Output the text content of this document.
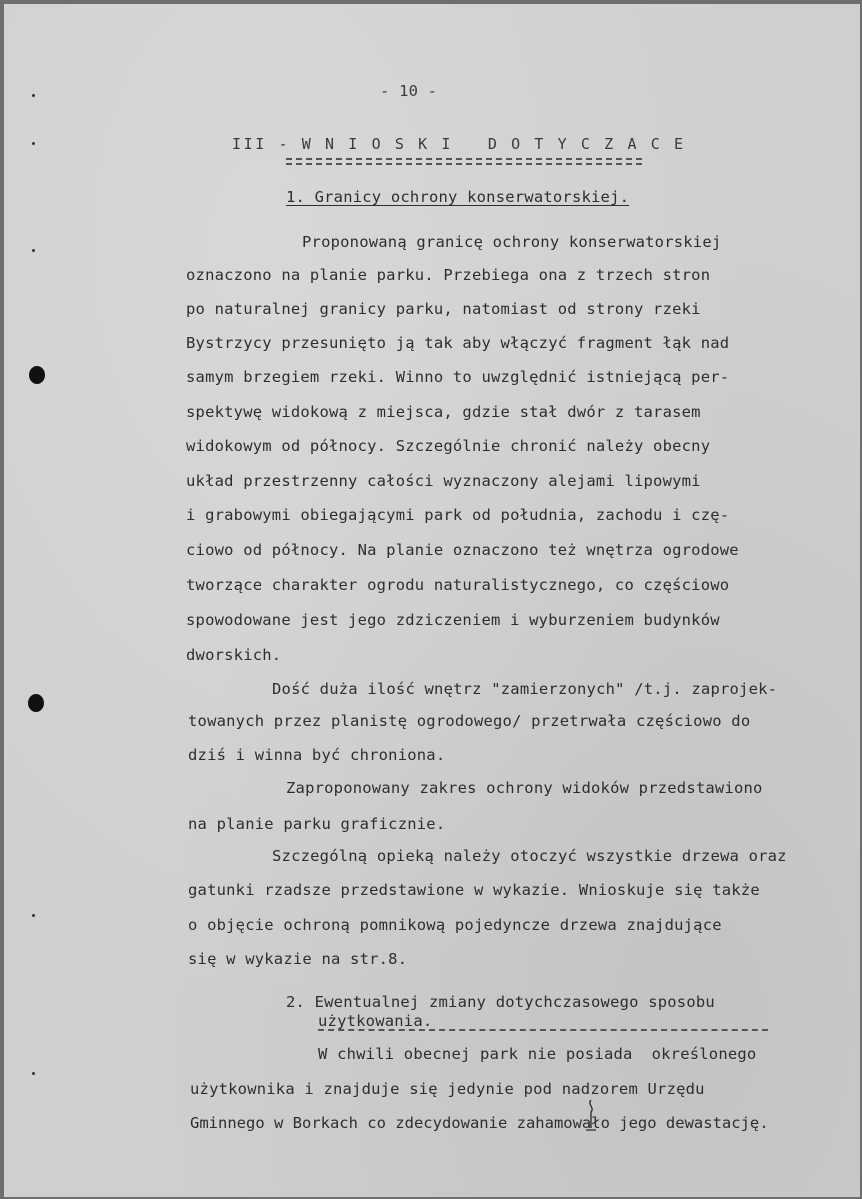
- 10 -
III - W N I O S K I   D O T Y C Z A C E
1. Granicy ochrony konserwatorskiej.
Proponowaną granicę ochrony konserwatorskiej
oznaczono na planie parku. Przebiega ona z trzech stron
po naturalnej granicy parku, natomiast od strony rzeki
Bystrzycy przesunięto ją tak aby włączyć fragment łąk nad
samym brzegiem rzeki. Winno to uwzględnić istniejącą per-
spektywę widokową z miejsca, gdzie stał dwór z tarasem
widokowym od północy. Szczególnie chronić należy obecny
układ przestrzenny całości wyznaczony alejami lipowymi
i grabowymi obiegającymi park od południa, zachodu i czę-
ciowo od północy. Na planie oznaczono też wnętrza ogrodowe
tworzące charakter ogrodu naturalistycznego, co częściowo
spowodowane jest jego zdziczeniem i wyburzeniem budynków
dworskich.
Dość duża ilość wnętrz "zamierzonych" /t.j. zaprojek-
towanych przez planistę ogrodowego/ przetrwała częściowo do
dziś i winna być chroniona.
Zaproponowany zakres ochrony widoków przedstawiono
na planie parku graficznie.
Szczególną opieką należy otoczyć wszystkie drzewa oraz
gatunki rzadsze przedstawione w wykazie. Wnioskuje się także
o objęcie ochroną pomnikową pojedyncze drzewa znajdujące
się w wykazie na str.8.
2. Ewentualnej zmiany dotychczasowego sposobu
użytkowania.
W chwili obecnej park nie posiada  określonego
użytkownika i znajduje się jedynie pod nadzorem Urzędu
Gminnego w Borkach co zdecydowanie zahamowało jego dewastację.
